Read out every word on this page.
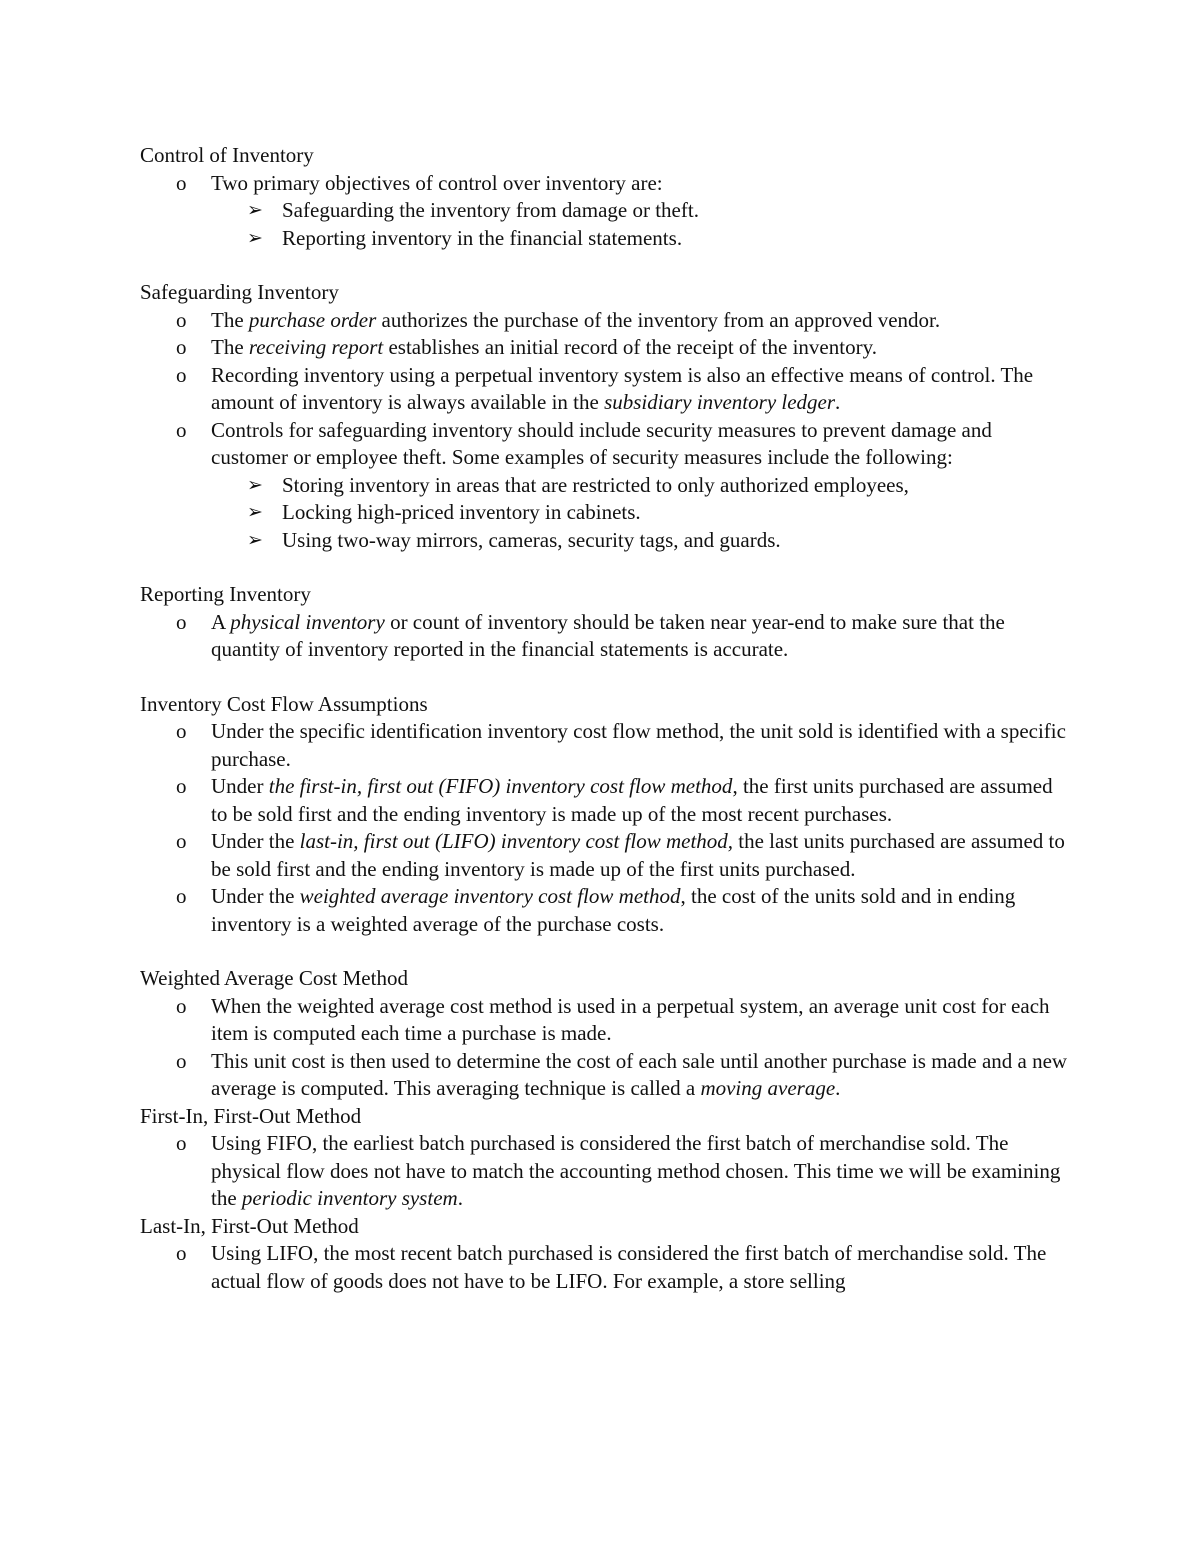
Control of Inventory
o Two primary objectives of control over inventory are:
➢ Safeguarding the inventory from damage or theft.
➢ Reporting inventory in the financial statements.
Safeguarding Inventory
o The purchase order authorizes the purchase of the inventory from an approved vendor.
o The receiving report establishes an initial record of the receipt of the inventory.
o Recording inventory using a perpetual inventory system is also an effective means of control. The amount of inventory is always available in the subsidiary inventory ledger.
o Controls for safeguarding inventory should include security measures to prevent damage and customer or employee theft. Some examples of security measures include the following:
➢ Storing inventory in areas that are restricted to only authorized employees,
➢ Locking high-priced inventory in cabinets.
➢ Using two-way mirrors, cameras, security tags, and guards.
Reporting Inventory
o A physical inventory or count of inventory should be taken near year-end to make sure that the quantity of inventory reported in the financial statements is accurate.
Inventory Cost Flow Assumptions
o Under the specific identification inventory cost flow method, the unit sold is identified with a specific purchase.
o Under the first-in, first out (FIFO) inventory cost flow method, the first units purchased are assumed to be sold first and the ending inventory is made up of the most recent purchases.
o Under the last-in, first out (LIFO) inventory cost flow method, the last units purchased are assumed to be sold first and the ending inventory is made up of the first units purchased.
o Under the weighted average inventory cost flow method, the cost of the units sold and in ending inventory is a weighted average of the purchase costs.
Weighted Average Cost Method
o When the weighted average cost method is used in a perpetual system, an average unit cost for each item is computed each time a purchase is made.
o This unit cost is then used to determine the cost of each sale until another purchase is made and a new average is computed. This averaging technique is called a moving average.
First-In, First-Out Method
o Using FIFO, the earliest batch purchased is considered the first batch of merchandise sold. The physical flow does not have to match the accounting method chosen. This time we will be examining the periodic inventory system.
Last-In, First-Out Method
o Using LIFO, the most recent batch purchased is considered the first batch of merchandise sold. The actual flow of goods does not have to be LIFO. For example, a store selling
